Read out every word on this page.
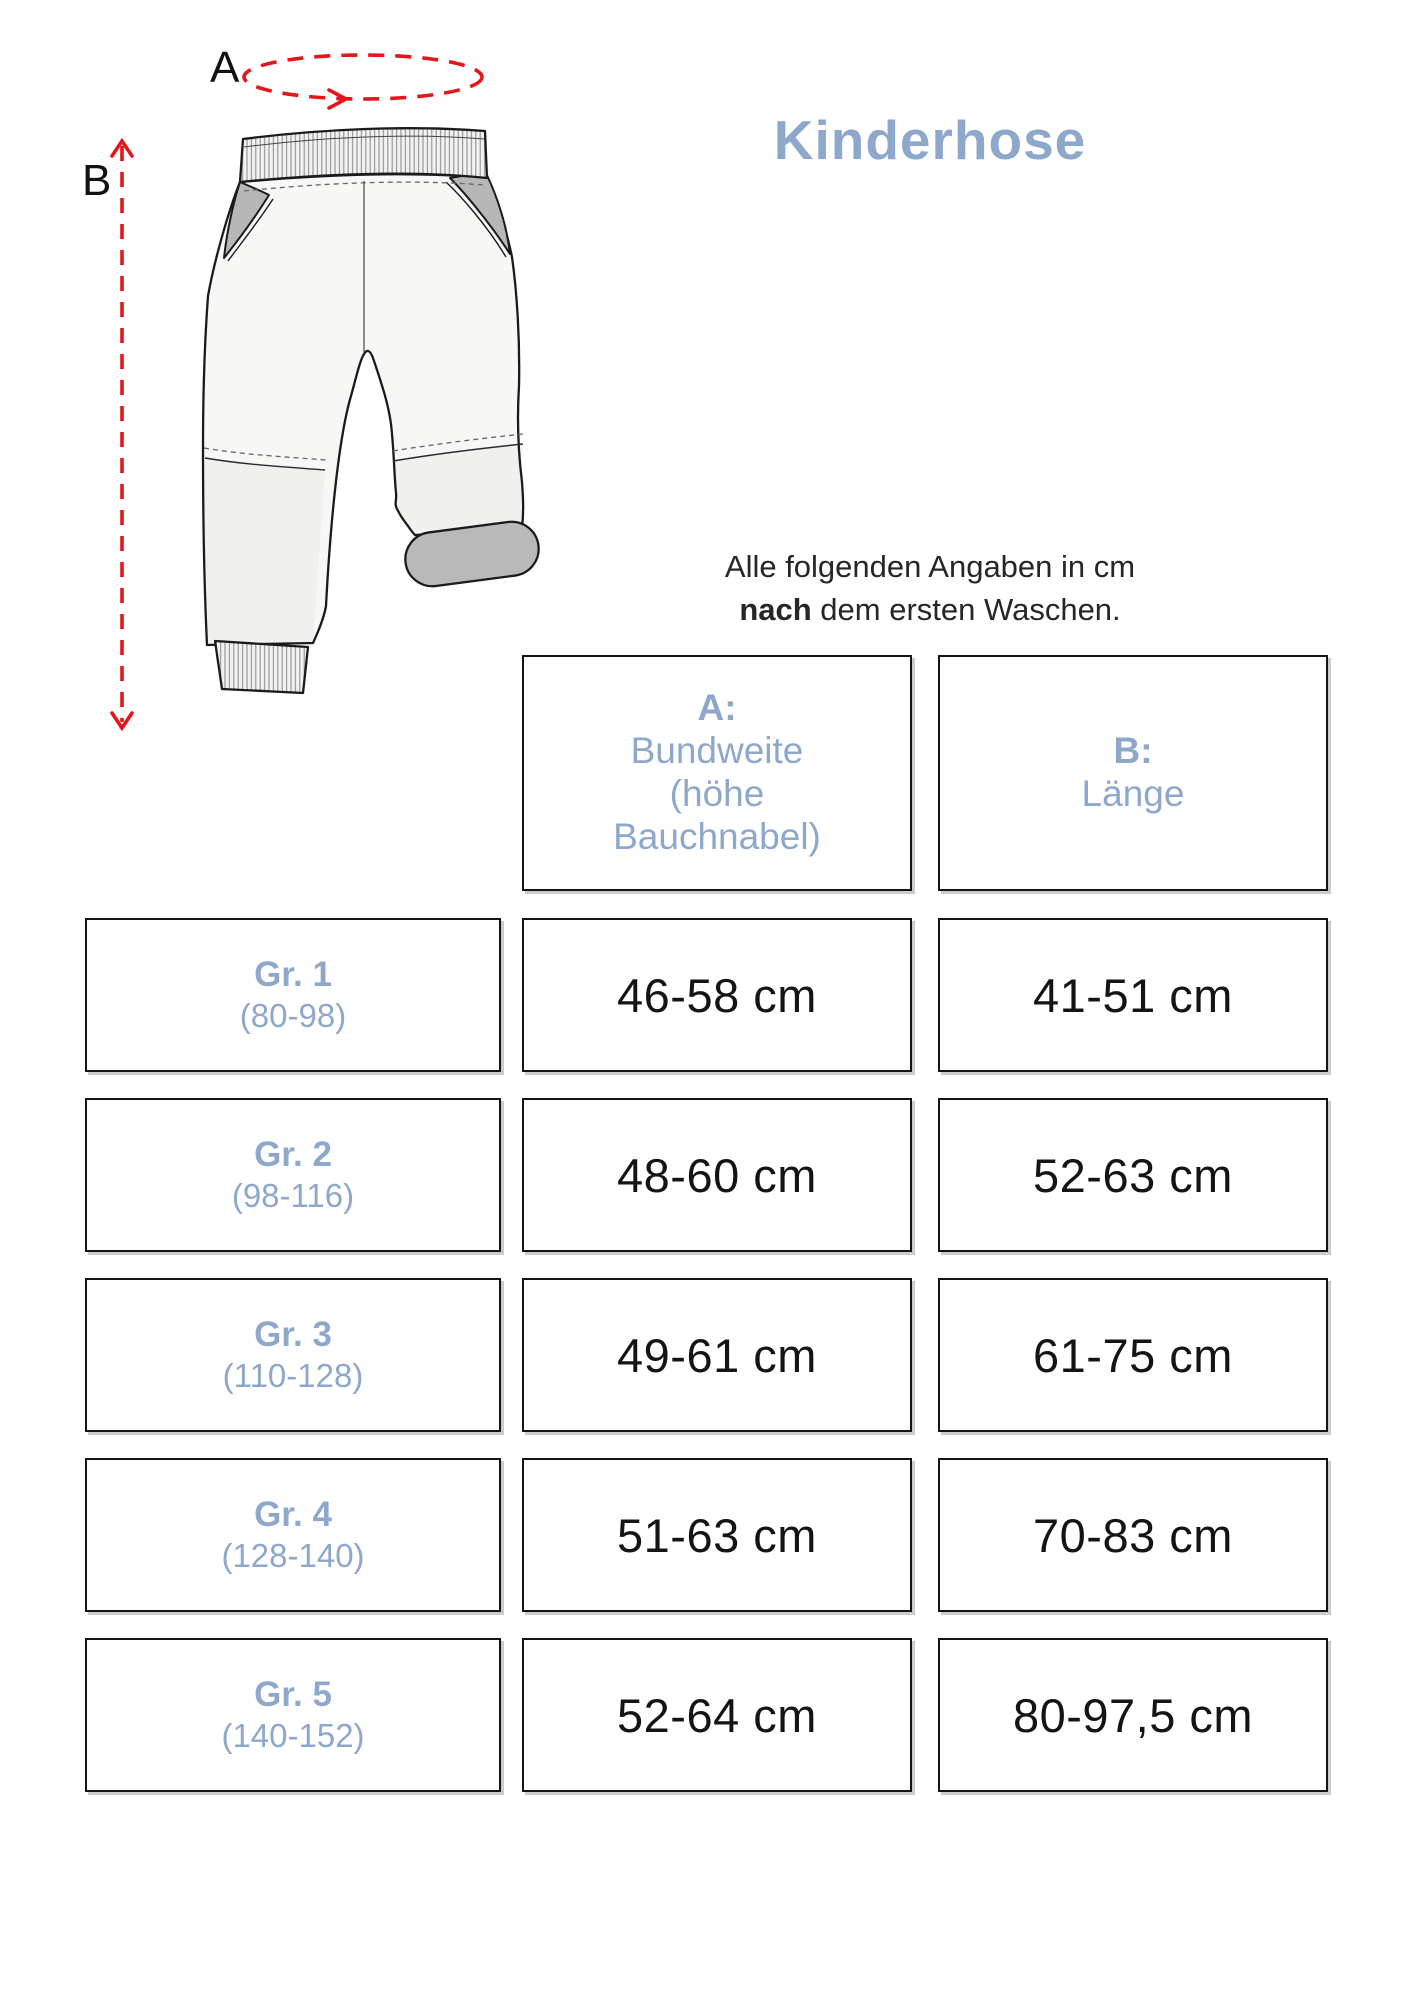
A
B
Kinderhose

Alle folgenden Angaben in cm
nach dem ersten Waschen.

A:
Bundweite
(höhe
Bauchnabel)
B:
Länge
Gr. 1
(80-98)	46-58 cm	41-51 cm
Gr. 2
(98-116)	48-60 cm	52-63 cm
Gr. 3
(110-128)	49-61 cm	61-75 cm
Gr. 4
(128-140)	51-63 cm	70-83 cm
Gr. 5
(140-152)	52-64 cm	80-97,5 cm
